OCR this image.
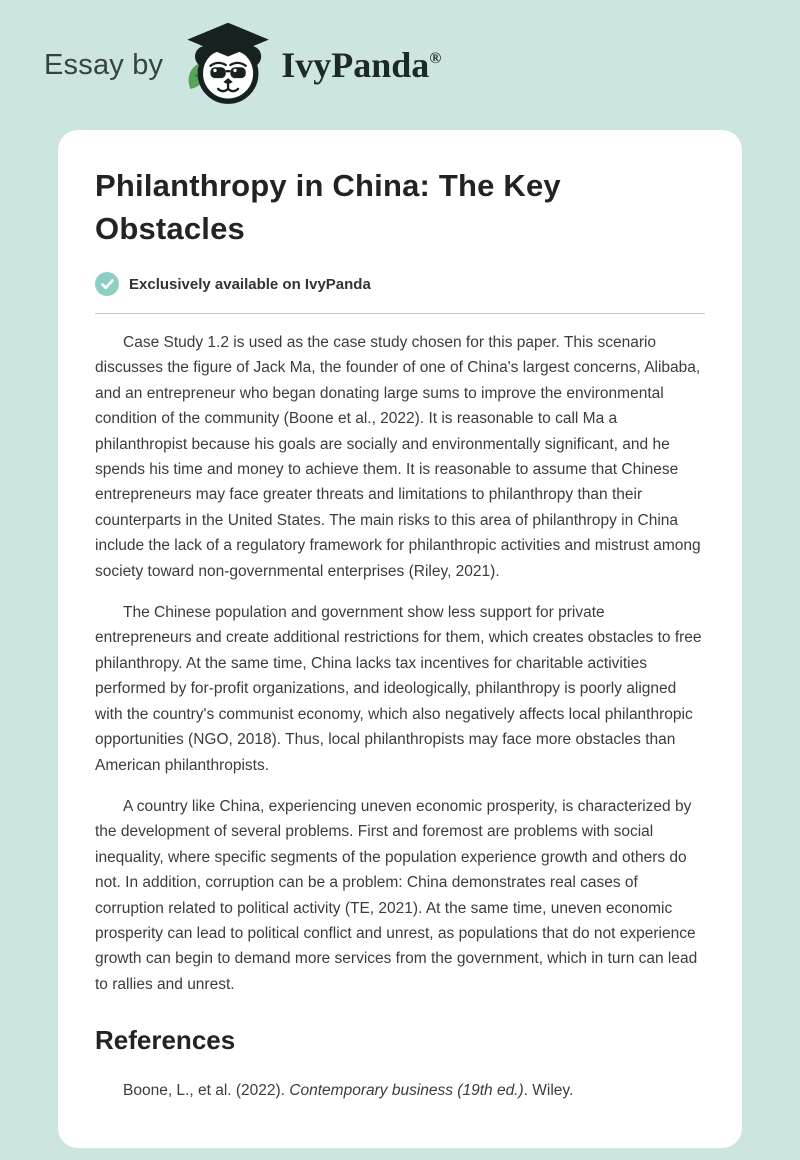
Essay by	IvyPanda®
Philanthropy in China: The Key Obstacles
Exclusively available on IvyPanda

Case Study 1.2 is used as the case study chosen for this paper. This scenario discusses the figure of Jack Ma, the founder of one of China's largest concerns, Alibaba, and an entrepreneur who began donating large sums to improve the environmental condition of the community (Boone et al., 2022). It is reasonable to call Ma a philanthropist because his goals are socially and environmentally significant, and he spends his time and money to achieve them. It is reasonable to assume that Chinese entrepreneurs may face greater threats and limitations to philanthropy than their counterparts in the United States. The main risks to this area of philanthropy in China include the lack of a regulatory framework for philanthropic activities and mistrust among society toward non-governmental enterprises (Riley, 2021).

The Chinese population and government show less support for private entrepreneurs and create additional restrictions for them, which creates obstacles to free philanthropy. At the same time, China lacks tax incentives for charitable activities performed by for-profit organizations, and ideologically, philanthropy is poorly aligned with the country's communist economy, which also negatively affects local philanthropic opportunities (NGO, 2018). Thus, local philanthropists may face more obstacles than American philanthropists.

A country like China, experiencing uneven economic prosperity, is characterized by the development of several problems. First and foremost are problems with social inequality, where specific segments of the population experience growth and others do not. In addition, corruption can be a problem: China demonstrates real cases of corruption related to political activity (TE, 2021). At the same time, uneven economic prosperity can lead to political conflict and unrest, as populations that do not experience growth can begin to demand more services from the government, which in turn can lead to rallies and unrest.

References

Boone, L., et al. (2022). Contemporary business (19th ed.). Wiley.
